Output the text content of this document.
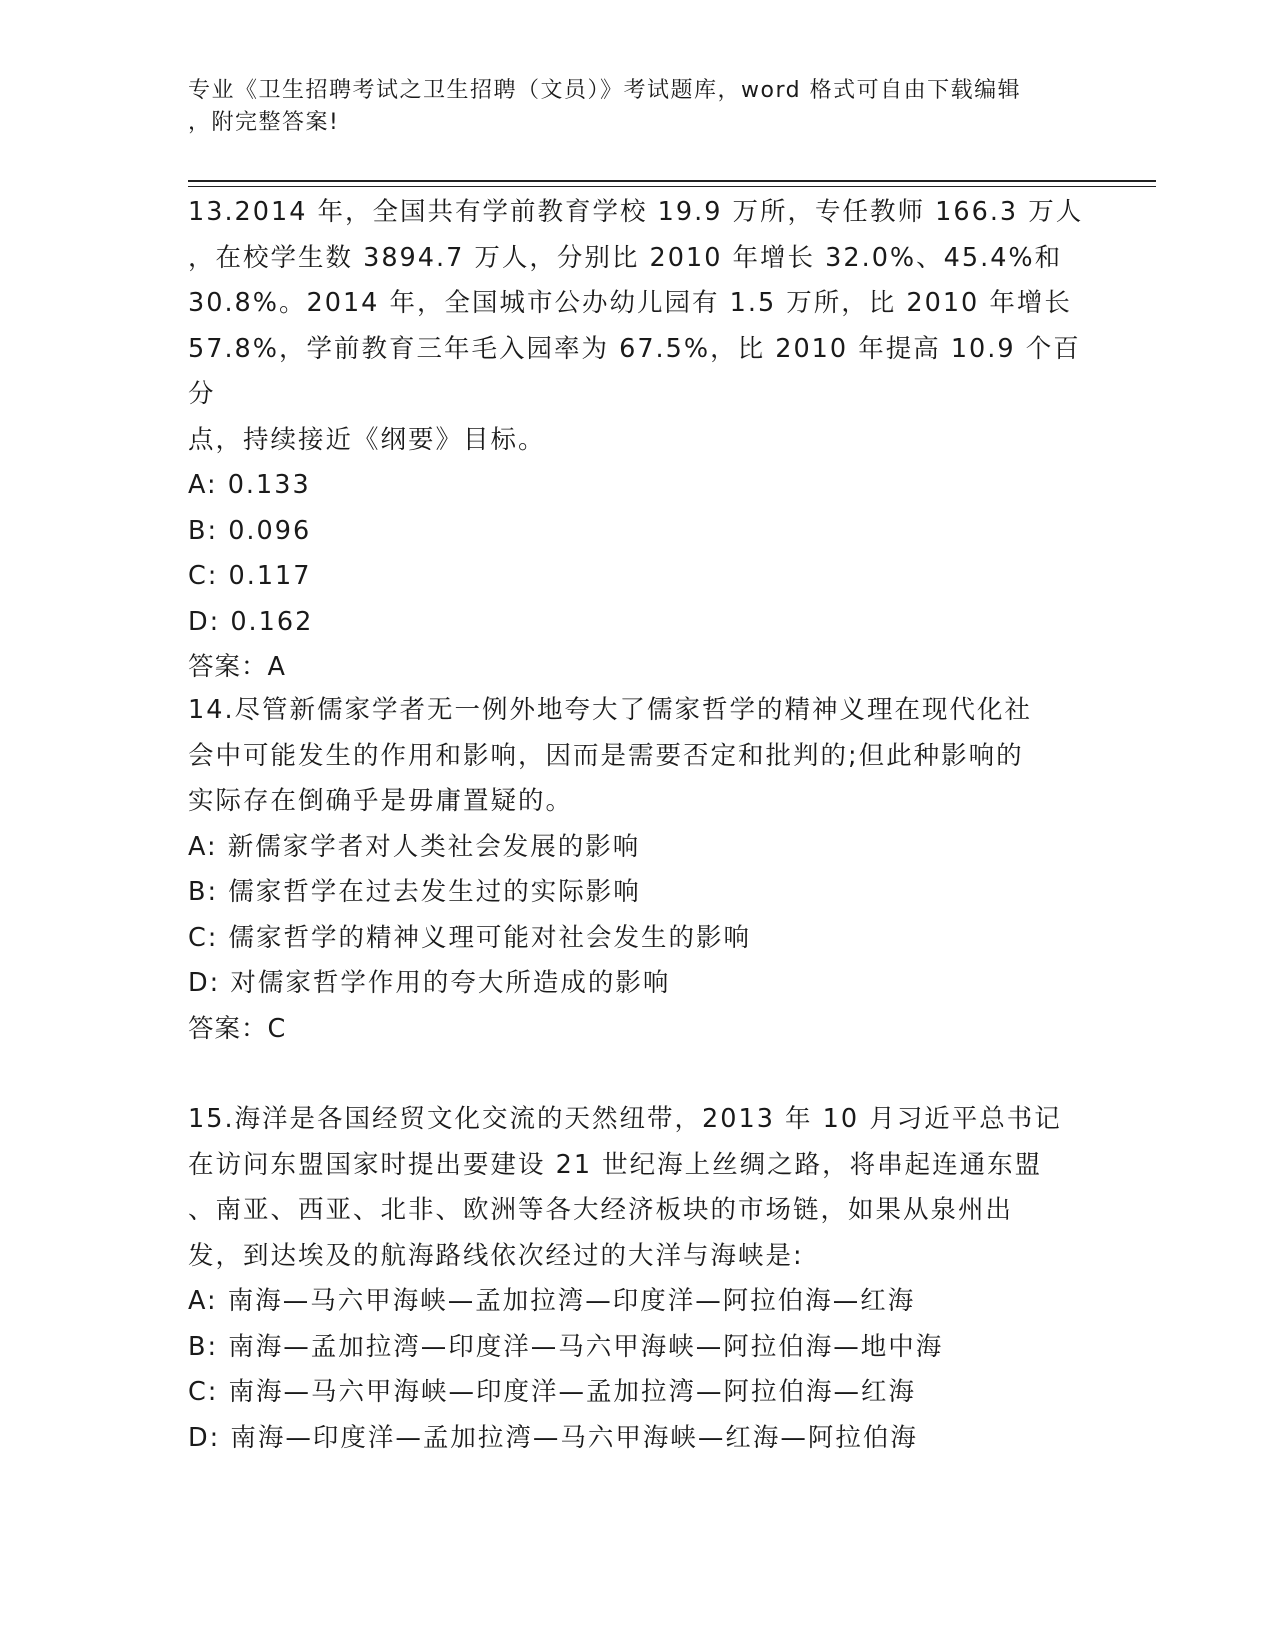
专业《卫生招聘考试之卫生招聘（文员）》考试题库，word 格式可自由下载编辑
，附完整答案!

13.2014 年，全国共有学前教育学校 19.9 万所，专任教师 166.3 万人

，在校学生数 3894.7 万人，分别比 2010 年增长 32.0%、45.4%和

30.8%。2014 年，全国城市公办幼儿园有 1.5 万所，比 2010 年增长

57.8%，学前教育三年毛入园率为 67.5%，比 2010 年提高 10.9 个百分

点，持续接近《纲要》目标。

A: 0.133

B: 0.096

C: 0.117

D: 0.162

答案：A

14.尽管新儒家学者无一例外地夸大了儒家哲学的精神义理在现代化社

会中可能发生的作用和影响，因而是需要否定和批判的;但此种影响的

实际存在倒确乎是毋庸置疑的。

A: 新儒家学者对人类社会发展的影响

B: 儒家哲学在过去发生过的实际影响

C: 儒家哲学的精神义理可能对社会发生的影响

D: 对儒家哲学作用的夸大所造成的影响

答案：C

15.海洋是各国经贸文化交流的天然纽带，2013 年 10 月习近平总书记

在访问东盟国家时提出要建设 21 世纪海上丝绸之路，将串起连通东盟

、南亚、西亚、北非、欧洲等各大经济板块的市场链，如果从泉州出

发，到达埃及的航海路线依次经过的大洋与海峡是:

A: 南海—马六甲海峡—孟加拉湾—印度洋—阿拉伯海—红海

B: 南海—孟加拉湾—印度洋—马六甲海峡—阿拉伯海—地中海

C: 南海—马六甲海峡—印度洋—孟加拉湾—阿拉伯海—红海

D: 南海—印度洋—孟加拉湾—马六甲海峡—红海—阿拉伯海
